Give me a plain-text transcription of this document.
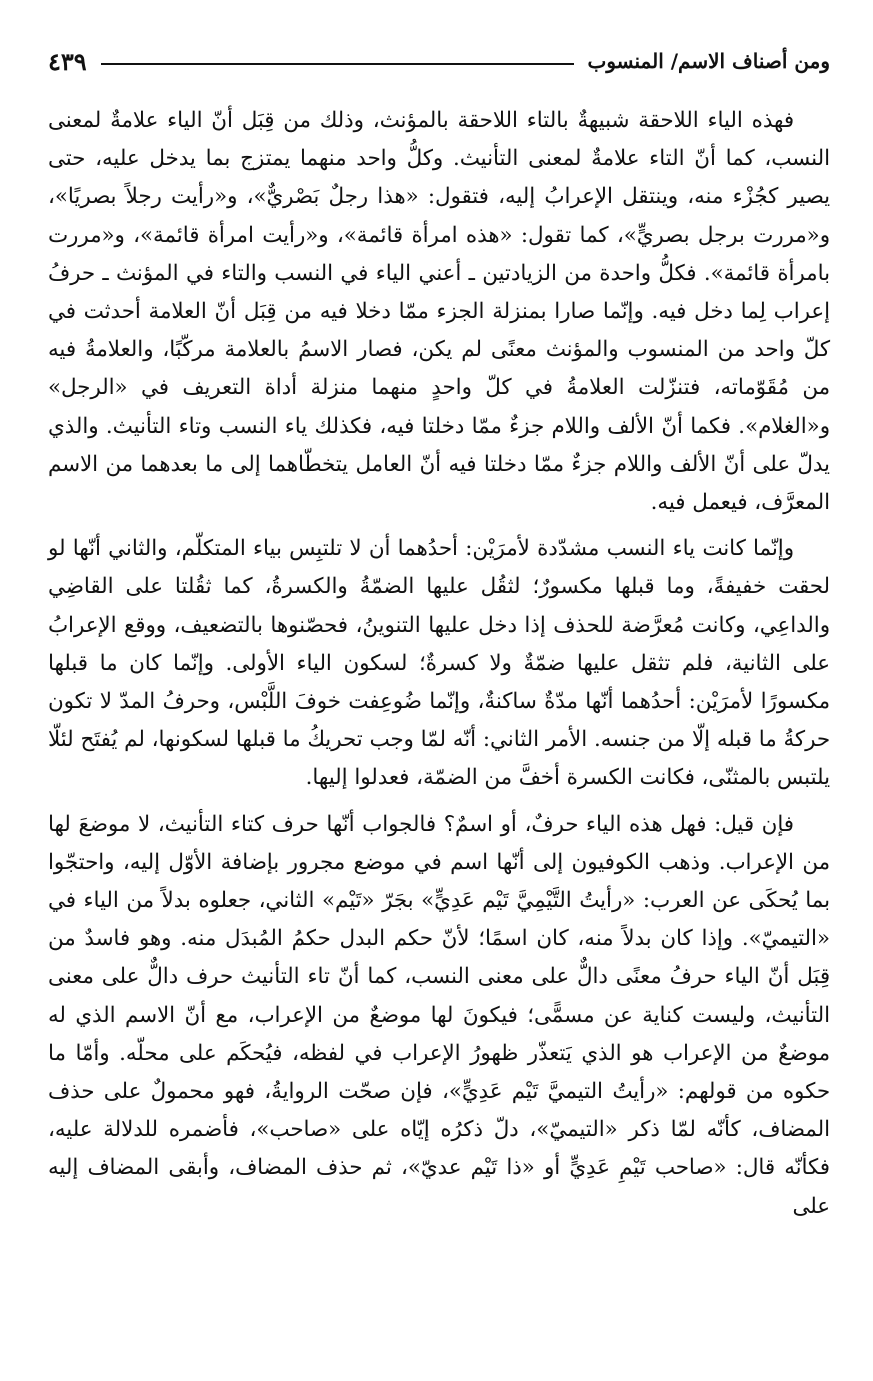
ومن أصناف الاسم/ المنسوب
٤٣٩

فهذه الياء اللاحقة شبيهةٌ بالتاء اللاحقة بالمؤنث، وذلك من قِبَل أنّ الياء علامةٌ لمعنى النسب، كما أنّ التاء علامةٌ لمعنى التأنيث. وكلُّ واحد منهما يمتزج بما يدخل عليه، حتى يصير كجُزْء منه، وينتقل الإعرابُ إليه، فتقول: «هذا رجلٌ بَصْريٌّ»، و«رأيت رجلاً بصريًا»، و«مررت برجل بصريٍّ»، كما تقول: «هذه امرأة قائمة»، و«رأيت امرأة قائمة»، و«مررت بامرأة قائمة». فكلُّ واحدة من الزيادتين ـ أعني الياء في النسب والتاء في المؤنث ـ حرفُ إعراب لِما دخل فيه. وإنّما صارا بمنزلة الجزء ممّا دخلا فيه من قِبَل أنّ العلامة أحدثت في كلّ واحد من المنسوب والمؤنث معنًى لم يكن، فصار الاسمُ بالعلامة مركّبًا، والعلامةُ فيه من مُقَوّماته، فتنزّلت العلامةُ في كلّ واحدٍ منهما منزلة أداة التعريف في «الرجل» و«الغلام». فكما أنّ الألف واللام جزءٌ ممّا دخلتا فيه، فكذلك ياء النسب وتاء التأنيث. والذي يدلّ على أنّ الألف واللام جزءٌ ممّا دخلتا فيه أنّ العامل يتخطّاهما إلى ما بعدهما من الاسم المعرَّف، فيعمل فيه.

وإنّما كانت ياء النسب مشدّدة لأمرَيْن: أحدُهما أن لا تلتبِس بياء المتكلّم، والثاني أنّها لو لحقت خفيفةً، وما قبلها مكسورٌ؛ لثقُل عليها الضمّةُ والكسرةُ، كما ثقُلتا على القاضِي والداعِي، وكانت مُعرَّضة للحذف إذا دخل عليها التنوينُ، فحصّنوها بالتضعيف، ووقع الإعرابُ على الثانية، فلم تثقل عليها ضمّةٌ ولا كسرةٌ؛ لسكون الياء الأولى. وإنّما كان ما قبلها مكسورًا لأمرَيْن: أحدُهما أنّها مدّةٌ ساكنةٌ، وإنّما ضُوعِفت خوفَ اللَّبْس، وحرفُ المدّ لا تكون حركةُ ما قبله إلّا من جنسه. الأمر الثاني: أنّه لمّا وجب تحريكُ ما قبلها لسكونها، لم يُفتَح لئلّا يلتبس بالمثنّى، فكانت الكسرة أخفَّ من الضمّة، فعدلوا إليها.

فإن قيل: فهل هذه الياء حرفٌ، أو اسمٌ؟ فالجواب أنّها حرف كتاء التأنيث، لا موضعَ لها من الإعراب. وذهب الكوفيون إلى أنّها اسم في موضع مجرور بإضافة الأوّل إليه، واحتجّوا بما يُحكَى عن العرب: «رأيتُ التَّيْمِيَّ تَيْم عَدِيٍّ» بجَرّ «تَيْم» الثاني، جعلوه بدلاً من الياء في «التيميّ». وإذا كان بدلاً منه، كان اسمًا؛ لأنّ حكم البدل حكمُ المُبدَل منه. وهو فاسدٌ من قِبَل أنّ الياء حرفُ معنًى دالٌّ على معنى النسب، كما أنّ تاء التأنيث حرف دالٌّ على معنى التأنيث، وليست كناية عن مسمًّى؛ فيكونَ لها موضعٌ من الإعراب، مع أنّ الاسم الذي له موضعٌ من الإعراب هو الذي يَتعذّر ظهورُ الإعراب في لفظه، فيُحكَم على محلّه. وأمّا ما حكوه من قولهم: «رأيتُ التيميَّ تَيْم عَدِيٍّ»، فإن صحّت الروايةُ، فهو محمولٌ على حذف المضاف، كأنّه لمّا ذكر «التيميّ»، دلّ ذكرُه إيّاه على «صاحب»، فأضمره للدلالة عليه، فكأنّه قال: «صاحب تَيْمِ عَدِيٍّ أو «ذا تَيْم عديّ»، ثم حذف المضاف، وأبقى المضاف إليه على
